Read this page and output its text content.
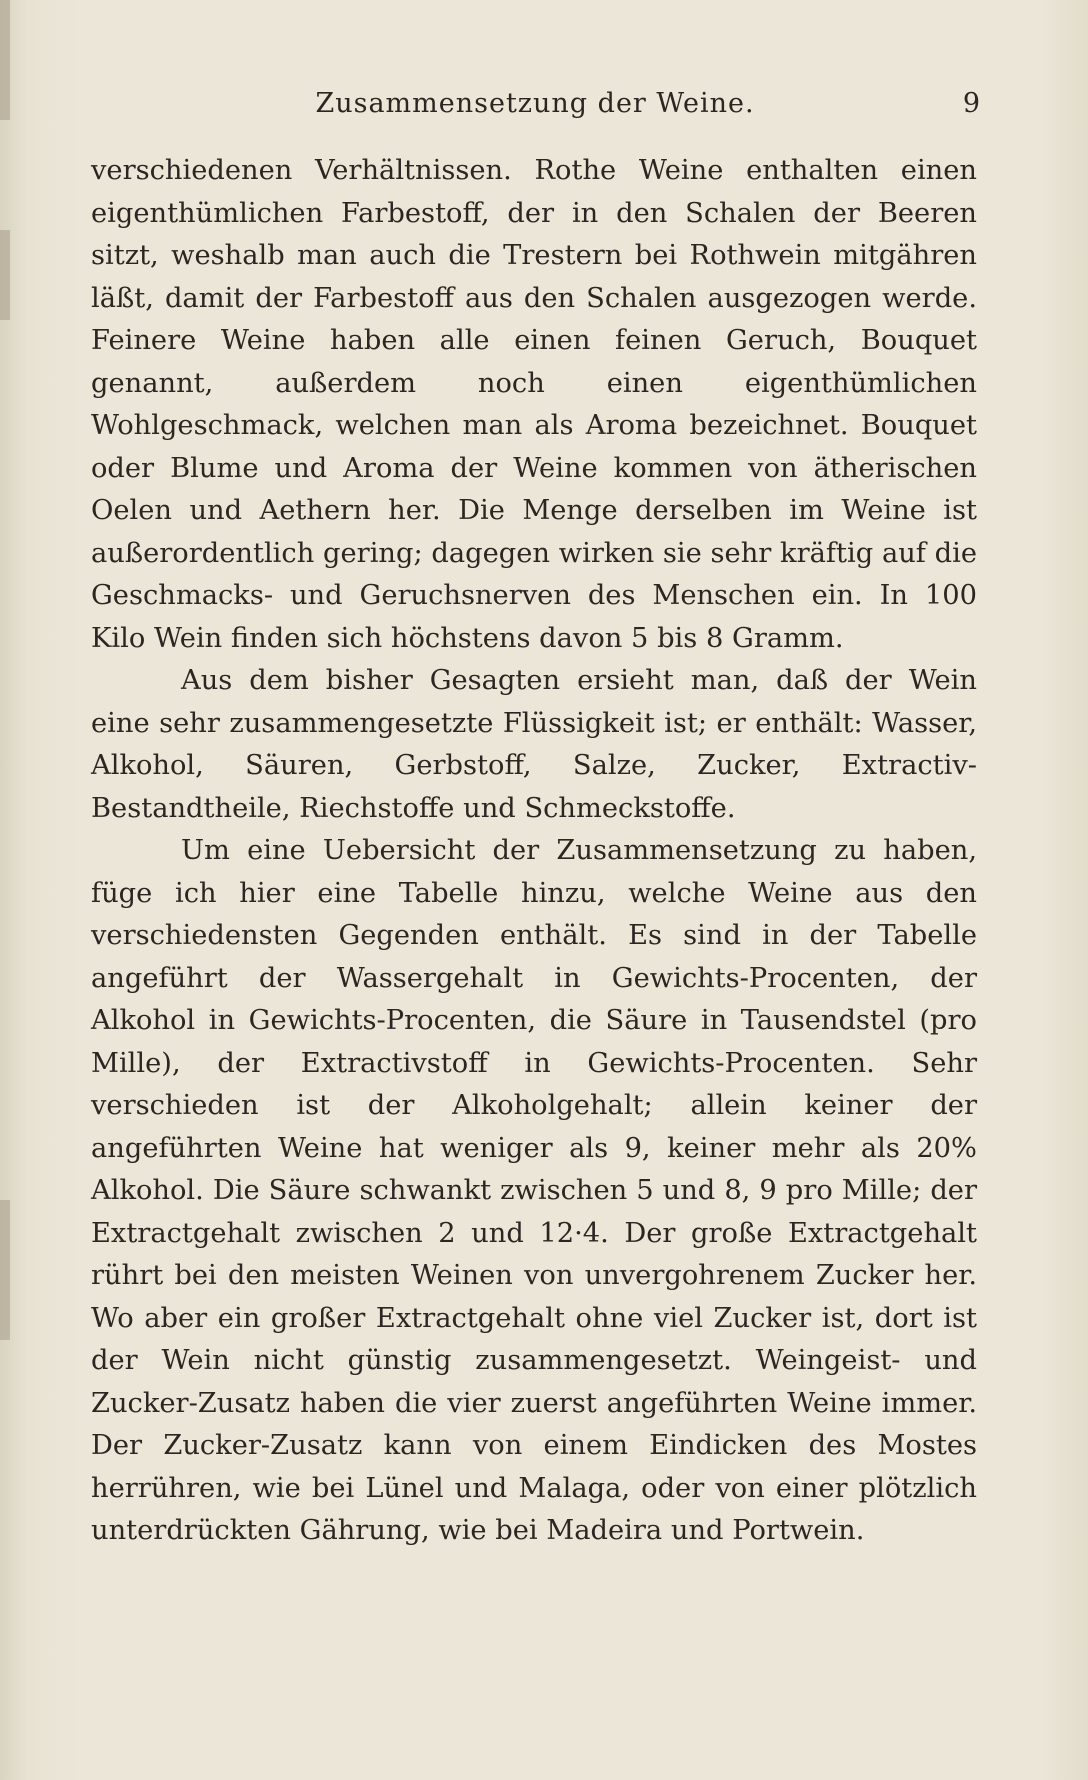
Zusammensetzung der Weine.	9

verschiedenen Verhältnissen. Rothe Weine enthalten einen eigenthümlichen Farbestoff, der in den Schalen der Beeren sitzt, weshalb man auch die Trestern bei Rothwein mitgähren läßt, damit der Farbestoff aus den Schalen ausgezogen werde. Feinere Weine haben alle einen feinen Geruch, Bouquet genannt, außerdem noch einen eigenthümlichen Wohlgeschmack, welchen man als Aroma bezeichnet. Bouquet oder Blume und Aroma der Weine kommen von ätherischen Oelen und Aethern her. Die Menge derselben im Weine ist außerordentlich gering; dagegen wirken sie sehr kräftig auf die Geschmacks- und Geruchsnerven des Menschen ein. In 100 Kilo Wein finden sich höchstens davon 5 bis 8 Gramm.

Aus dem bisher Gesagten ersieht man, daß der Wein eine sehr zusammengesetzte Flüssigkeit ist; er enthält: Wasser, Alkohol, Säuren, Gerbstoff, Salze, Zucker, Extractiv-Bestandtheile, Riechstoffe und Schmeckstoffe.

Um eine Uebersicht der Zusammensetzung zu haben, füge ich hier eine Tabelle hinzu, welche Weine aus den verschiedensten Gegenden enthält. Es sind in der Tabelle angeführt der Wassergehalt in Gewichts-Procenten, der Alkohol in Gewichts-Procenten, die Säure in Tausendstel (pro Mille), der Extractivstoff in Gewichts-Procenten. Sehr verschieden ist der Alkoholgehalt; allein keiner der angeführten Weine hat weniger als 9, keiner mehr als 20% Alkohol. Die Säure schwankt zwischen 5 und 8, 9 pro Mille; der Extractgehalt zwischen 2 und 12·4. Der große Extractgehalt rührt bei den meisten Weinen von unvergohrenem Zucker her. Wo aber ein großer Extractgehalt ohne viel Zucker ist, dort ist der Wein nicht günstig zusammengesetzt. Weingeist- und Zucker-Zusatz haben die vier zuerst angeführten Weine immer. Der Zucker-Zusatz kann von einem Eindicken des Mostes herrühren, wie bei Lünel und Malaga, oder von einer plötzlich unterdrückten Gährung, wie bei Madeira und Portwein.
